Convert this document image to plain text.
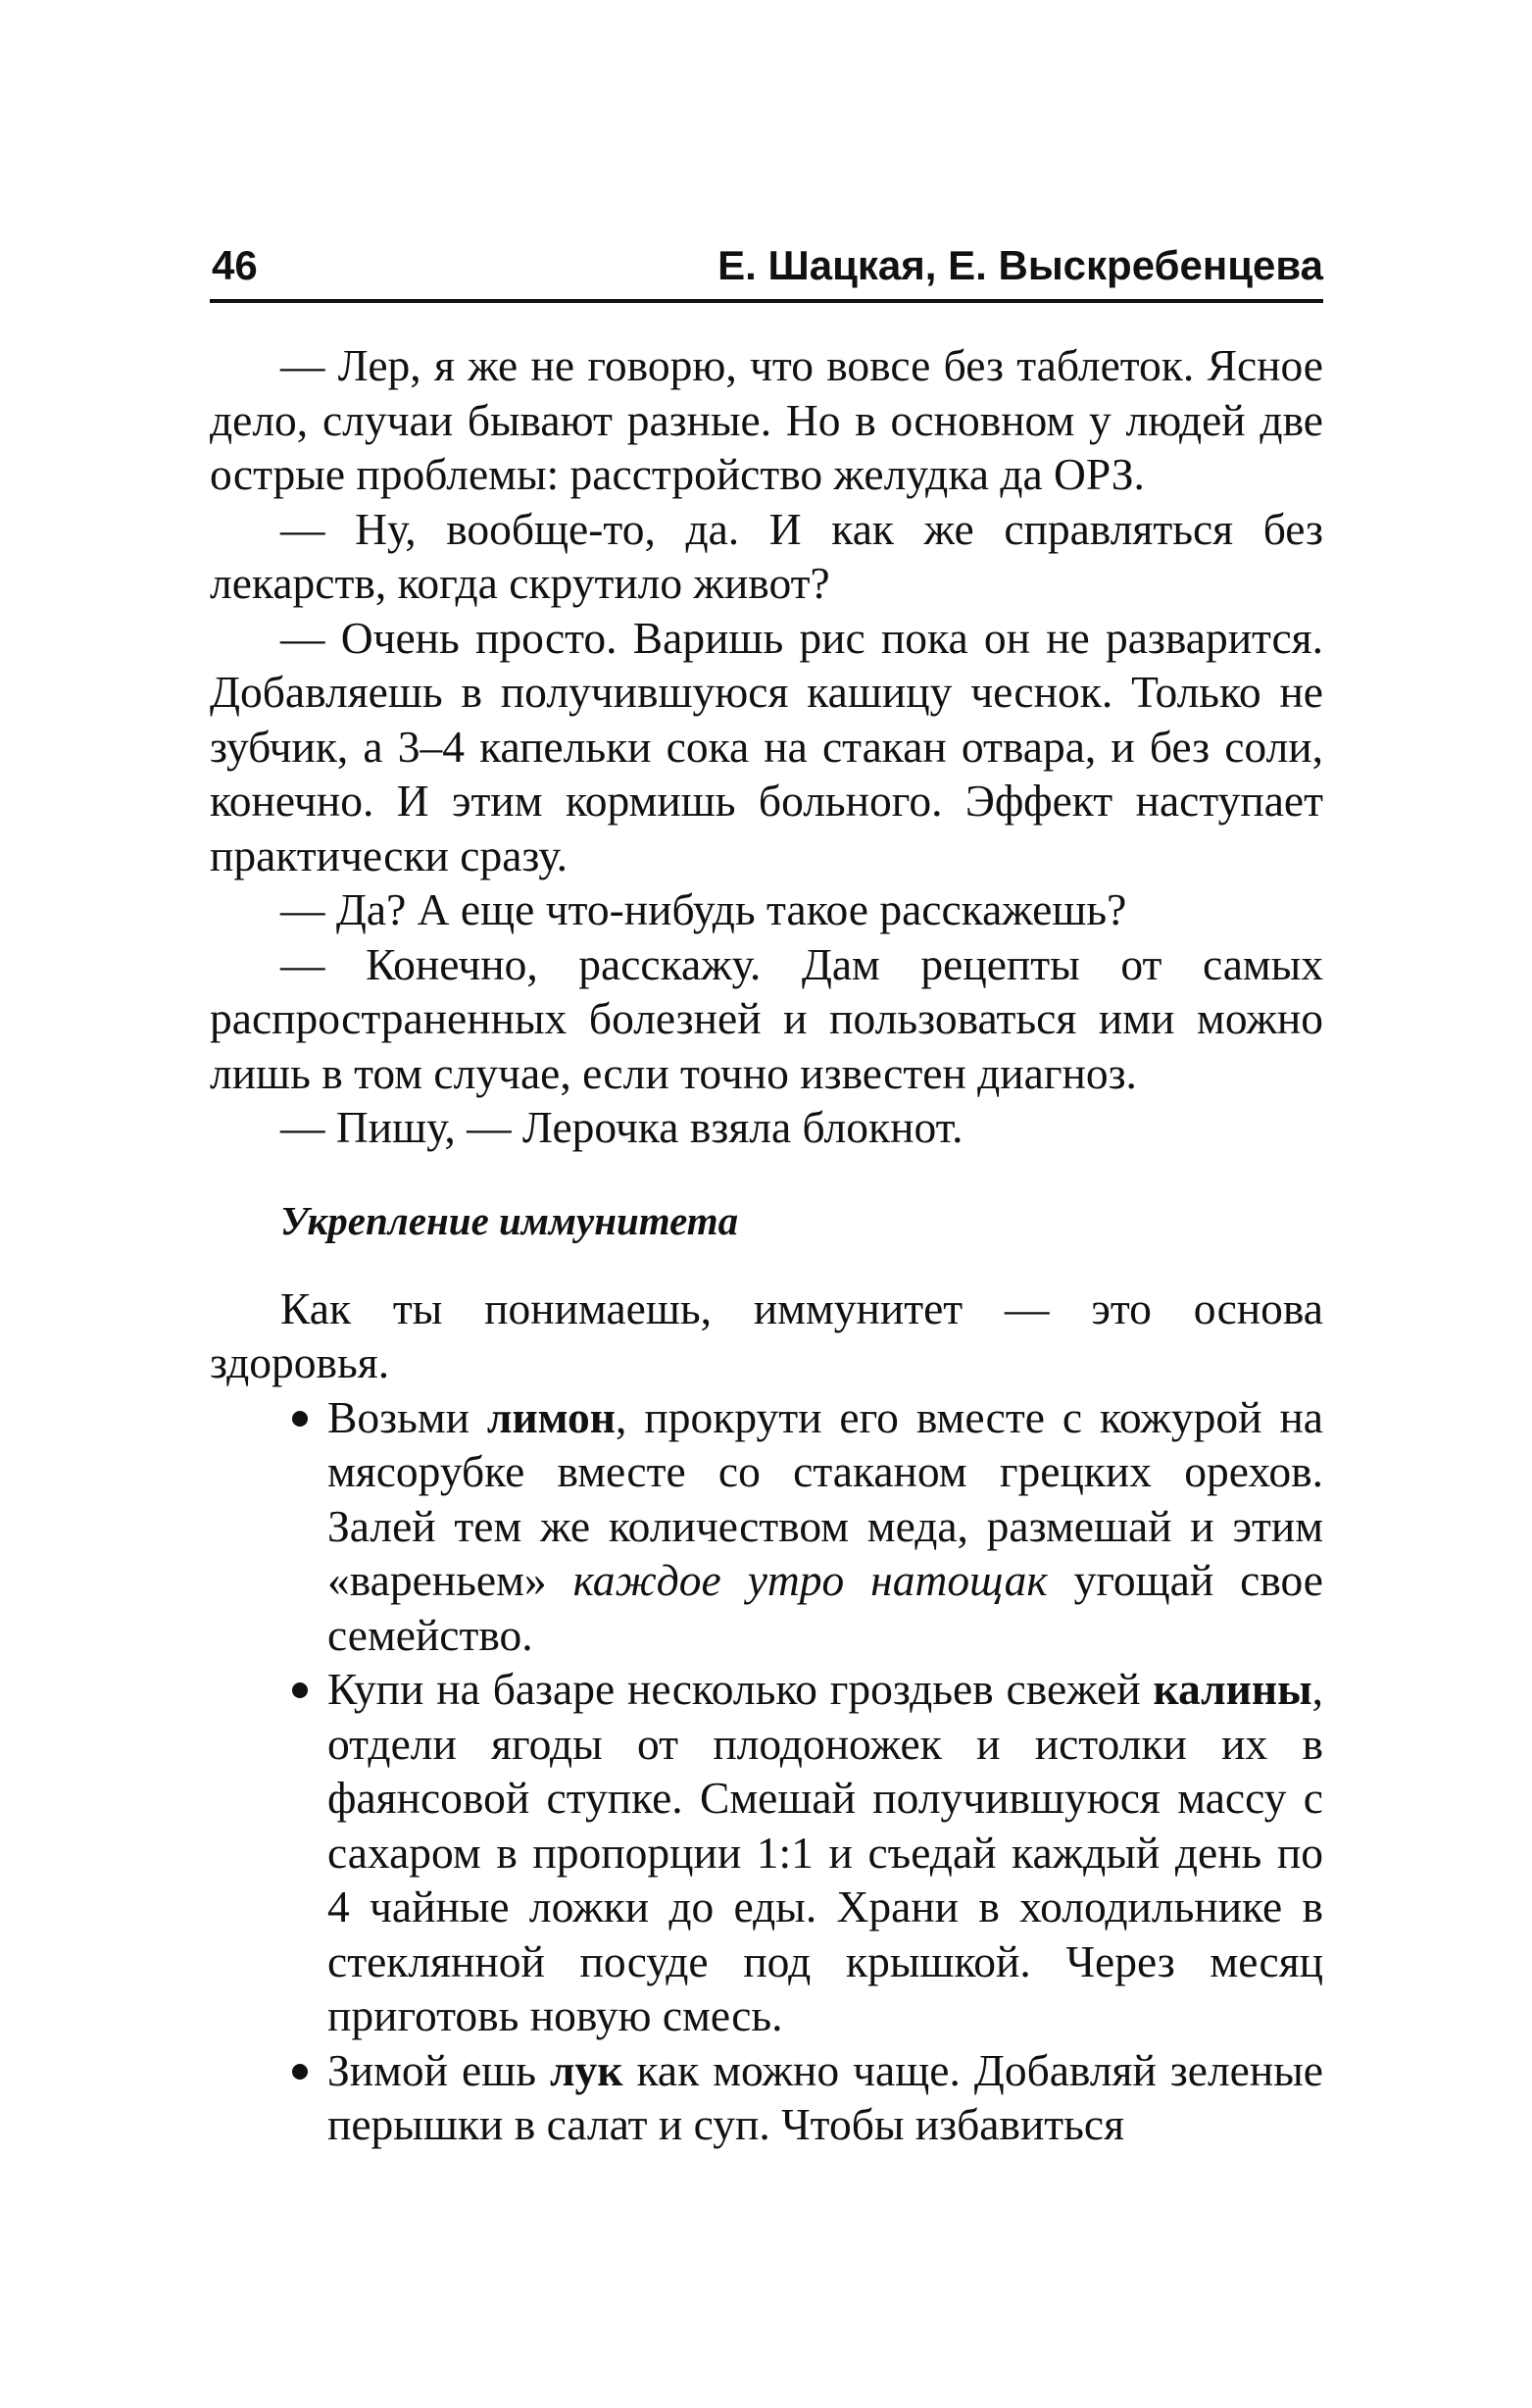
46	Е. Шацкая, Е. Выскребенцева

— Лер, я же не говорю, что вовсе без таблеток. Ясное дело, случаи бывают разные. Но в основном у людей две острые проблемы: расстройство желудка да ОРЗ.

— Ну, вообще-то, да. И как же справляться без лекарств, когда скрутило живот?

— Очень просто. Варишь рис пока он не разварится. Добавляешь в получившуюся кашицу чеснок. Только не зубчик, а 3–4 капельки сока на стакан отвара, и без соли, конечно. И этим кормишь больного. Эффект наступает практически сразу.

— Да? А еще что-нибудь такое расскажешь?

— Конечно, расскажу. Дам рецепты от самых распространенных болезней и пользоваться ими можно лишь в том случае, если точно известен диагноз.

— Пишу, — Лерочка взяла блокнот.

Укрепление иммунитета

Как ты понимаешь, иммунитет — это основа здоровья.

Возьми лимон, прокрути его вместе с кожурой на мясорубке вместе со стаканом грецких орехов. Залей тем же количеством меда, размешай и этим «вареньем» каждое утро натощак угощай свое семейство.
Купи на базаре несколько гроздьев свежей калины, отдели ягоды от плодоножек и истолки их в фаянсовой ступке. Смешай получившуюся массу с сахаром в пропорции 1:1 и съедай каждый день по 4 чайные ложки до еды. Храни в холодильнике в стеклянной посуде под крышкой. Через месяц приготовь новую смесь.
Зимой ешь лук как можно чаще. Добавляй зеленые перышки в салат и суп. Чтобы избавиться
